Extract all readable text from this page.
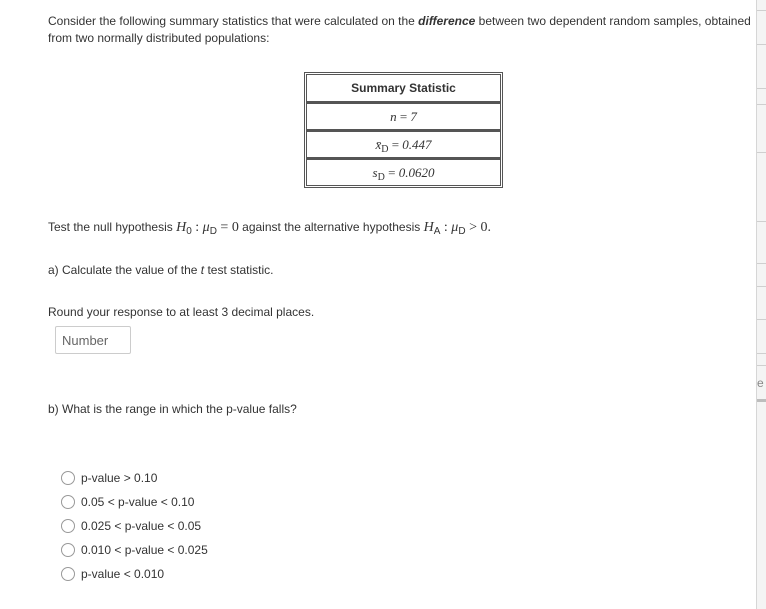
e

Consider the following summary statistics that were calculated on the difference between two dependent random samples, obtained from two normally distributed populations:

Summary Statistic
n = 7
$x̄_D = 0.447$
$s_D = 0.0620$

Test the null hypothesis $H_0$ : $\mu_D = 0$ against the alternative hypothesis $H_A$ : $\mu_D > 0$.

a) Calculate the value of the t test statistic.

Round your response to at least 3 decimal places.

Number

b) What is the range in which the p-value falls?

p-value > 0.10
0.05 < p-value < 0.10
0.025 < p-value < 0.05
0.010 < p-value < 0.025
p-value < 0.010
